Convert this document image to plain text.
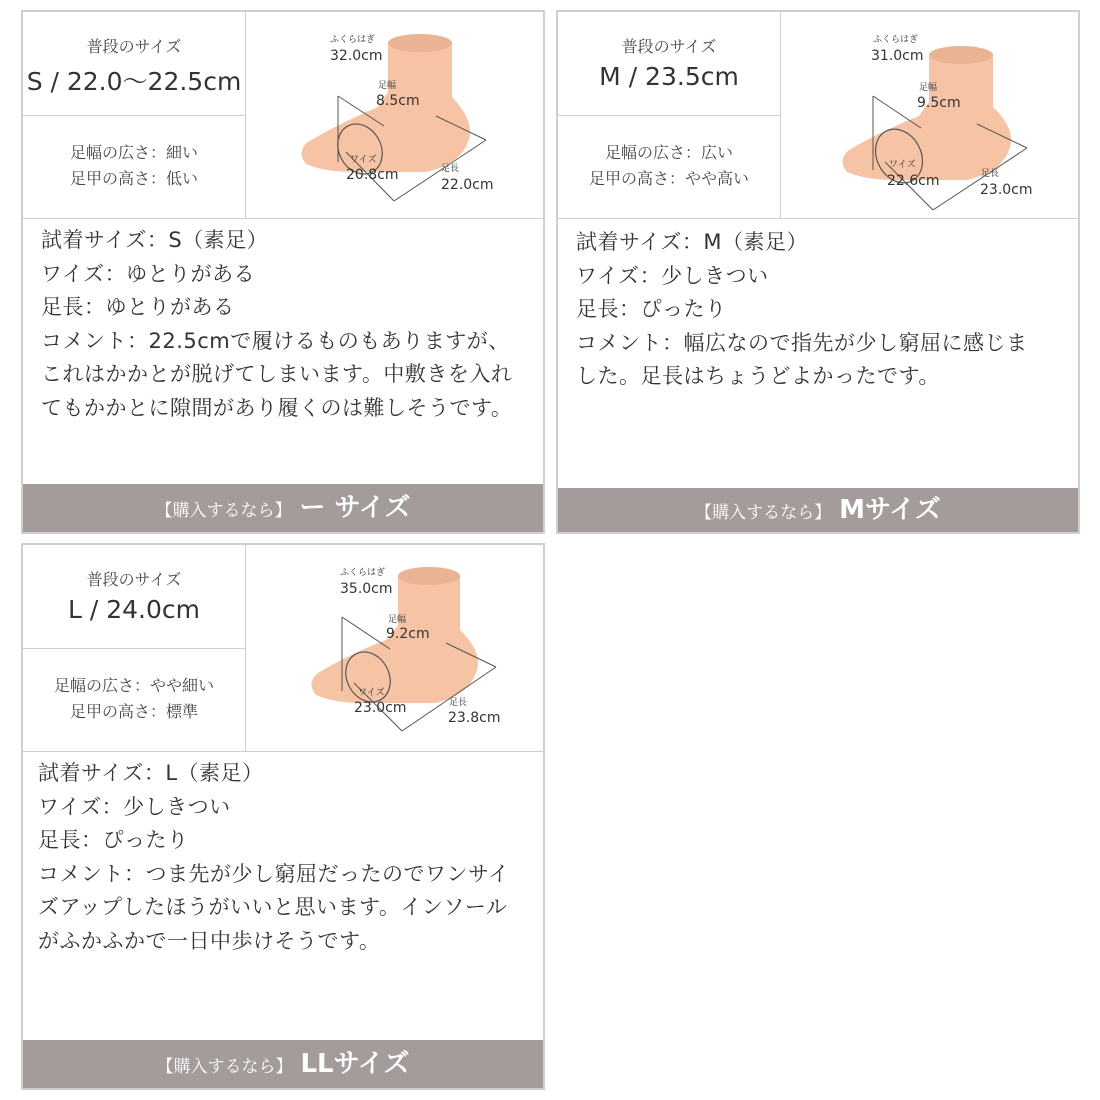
普段のサイズ
S / 22.0〜22.5cm
足幅の広さ：細い
足甲の高さ：低い
ふくらはぎ
32.0cm
足幅
8.5cm
ワイズ
20.8cm	足長
22.0cm
試着サイズ：S（素足）
ワイズ：ゆとりがある
足長：ゆとりがある
コメント：22.5cmで履けるものもありますが、
これはかかとが脱げてしまいます。中敷きを入れ
てもかかとに隙間があり履くのは難しそうです。
【購入するなら】 ー サイズ
普段のサイズ
M / 23.5cm
足幅の広さ：広い
足甲の高さ：やや高い
ふくらはぎ
31.0cm
足幅
9.5cm
ワイズ
22.6cm	足長
23.0cm
試着サイズ：M（素足）
ワイズ：少しきつい
足長：ぴったり
コメント：幅広なので指先が少し窮屈に感じま
した。足長はちょうどよかったです。
【購入するなら】 Mサイズ
普段のサイズ
L / 24.0cm
足幅の広さ：やや細い
足甲の高さ：標準
ふくらはぎ
35.0cm
足幅
9.2cm
ワイズ
23.0cm	足長
23.8cm
試着サイズ：L（素足）
ワイズ：少しきつい
足長：ぴったり
コメント：つま先が少し窮屈だったのでワンサイ
ズアップしたほうがいいと思います。インソール
がふかふかで一日中歩けそうです。
【購入するなら】 LLサイズ
